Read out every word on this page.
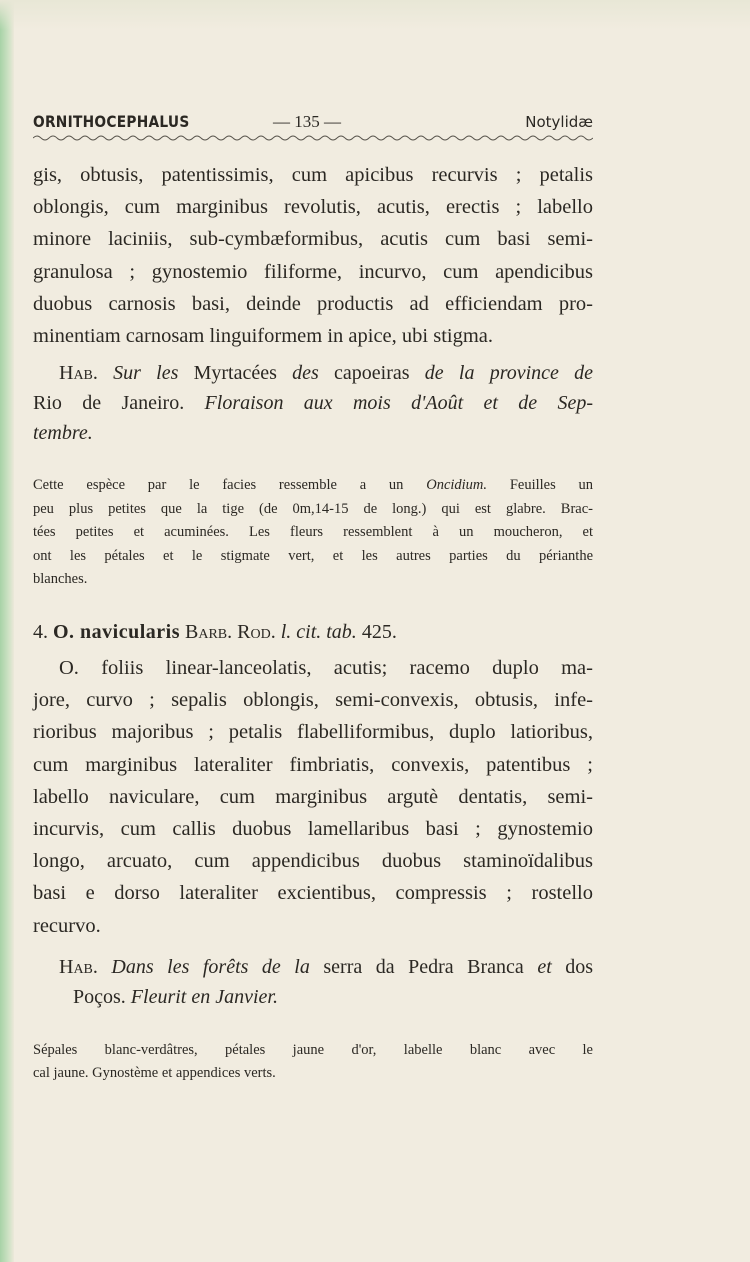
ORNITHOCEPHALUS	— 135 —	Notylidæ
gis, obtusis, patentissimis, cum apicibus recurvis ; petalis
oblongis, cum marginibus revolutis, acutis, erectis ; labello
minore laciniis, sub-cymbæformibus, acutis cum basi semi-
granulosa ; gynostemio filiforme, incurvo, cum apendicibus
duobus carnosis basi, deinde productis ad efficiendam pro-
minentiam carnosam linguiformem in apice, ubi stigma.
Hab. Sur les Myrtacées des capoeiras de la province de
Rio de Janeiro. Floraison aux mois d'Août et de Sep-
tembre.
Cette espèce par le facies ressemble a un Oncidium. Feuilles un
peu plus petites que la tige (de 0m,14-15 de long.) qui est glabre. Brac-
tées petites et acuminées. Les fleurs ressemblent à un moucheron, et
ont les pétales et le stigmate vert, et les autres parties du périanthe
blanches.
4. O. navicularis Barb. Rod. l. cit. tab. 425.
O. foliis linear-lanceolatis, acutis; racemo duplo ma-
jore, curvo ; sepalis oblongis, semi-convexis, obtusis, infe-
rioribus majoribus ; petalis flabelliformibus, duplo latioribus,
cum marginibus lateraliter fimbriatis, convexis, patentibus ;
labello naviculare, cum marginibus argutè dentatis, semi-
incurvis, cum callis duobus lamellaribus basi ; gynostemio
longo, arcuato, cum appendicibus duobus staminoïdalibus
basi e dorso lateraliter excientibus, compressis ; rostello
recurvo.
Hab. Dans les forêts de la serra da Pedra Branca et dos
Poços. Fleurit en Janvier.
Sépales blanc-verdâtres, pétales jaune d'or, labelle blanc avec le
cal jaune. Gynostème et appendices verts.
